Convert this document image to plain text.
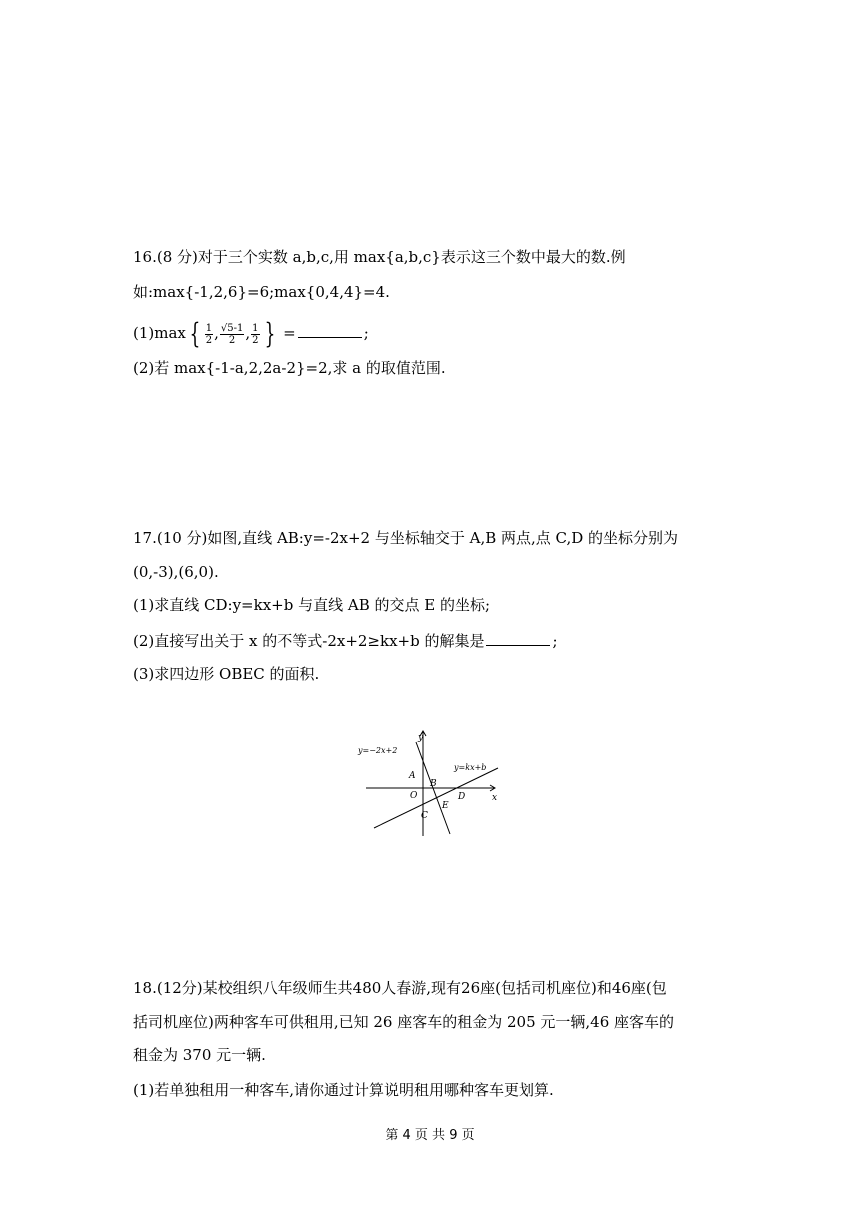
16.(8 分)对于三个实数 a,b,c,用 max{a,b,c}表示这三个数中最大的数.例
如:max{-1,2,6}=6;max{0,4,4}=4.
(1)max { $\frac{1}{2}$ , $\frac{√5-1}{2}$ , $\frac{1}{2}$ } =	;
(2)若 max{-1-a,2,2a-2}=2,求 a 的取值范围.
17.(10 分)如图,直线 AB:y=-2x+2 与坐标轴交于 A,B 两点,点 C,D 的坐标分别为
(0,-3),(6,0).
(1)求直线 CD:y=kx+b 与直线 AB 的交点 E 的坐标;
(2)直接写出关于 x 的不等式-2x+2≥kx+b 的解集是	;
(3)求四边形 OBEC 的面积.
y
x
y=−2x+2
y=kx+b
A
B
O
C
D
E
18.(12分)某校组织八年级师生共480人春游,现有26座(包括司机座位)和46座(包
括司机座位)两种客车可供租用,已知 26 座客车的租金为 205 元一辆,46 座客车的
租金为 370 元一辆.
(1)若单独租用一种客车,请你通过计算说明租用哪种客车更划算.
第 4 页 共 9 页
